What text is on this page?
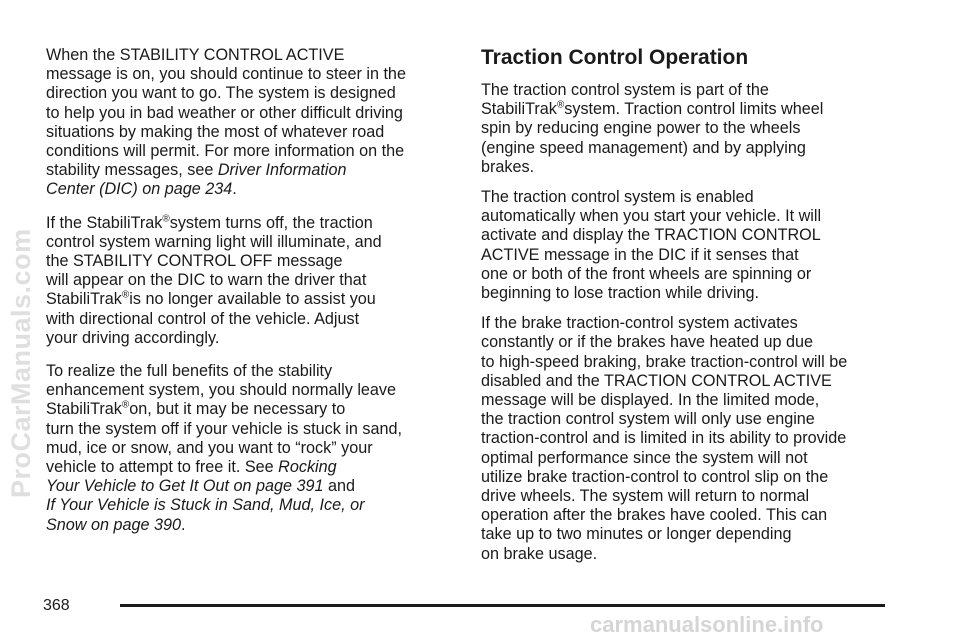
When the STABILITY CONTROL ACTIVE
message is on, you should continue to steer in the
direction you want to go. The system is designed
to help you in bad weather or other difficult driving
situations by making the most of whatever road
conditions will permit. For more information on the
stability messages, see Driver Information
Center (DIC) on page 234.

If the StabiliTrak®system turns off, the traction
control system warning light will illuminate, and
the STABILITY CONTROL OFF message
will appear on the DIC to warn the driver that
StabiliTrak®is no longer available to assist you
with directional control of the vehicle. Adjust
your driving accordingly.

To realize the full benefits of the stability
enhancement system, you should normally leave
StabiliTrak®on, but it may be necessary to
turn the system off if your vehicle is stuck in sand,
mud, ice or snow, and you want to “rock” your
vehicle to attempt to free it. See Rocking
Your Vehicle to Get It Out on page 391 and
If Your Vehicle is Stuck in Sand, Mud, Ice, or
Snow on page 390.

Traction Control Operation

The traction control system is part of the
StabiliTrak®system. Traction control limits wheel
spin by reducing engine power to the wheels
(engine speed management) and by applying
brakes.

The traction control system is enabled
automatically when you start your vehicle. It will
activate and display the TRACTION CONTROL
ACTIVE message in the DIC if it senses that
one or both of the front wheels are spinning or
beginning to lose traction while driving.

If the brake traction-control system activates
constantly or if the brakes have heated up due
to high-speed braking, brake traction-control will be
disabled and the TRACTION CONTROL ACTIVE
message will be displayed. In the limited mode,
the traction control system will only use engine
traction-control and is limited in its ability to provide
optimal performance since the system will not
utilize brake traction-control to control slip on the
drive wheels. The system will return to normal
operation after the brakes have cooled. This can
take up to two minutes or longer depending
on brake usage.

368
ProCarManuals.com
carmanualsonline.info
